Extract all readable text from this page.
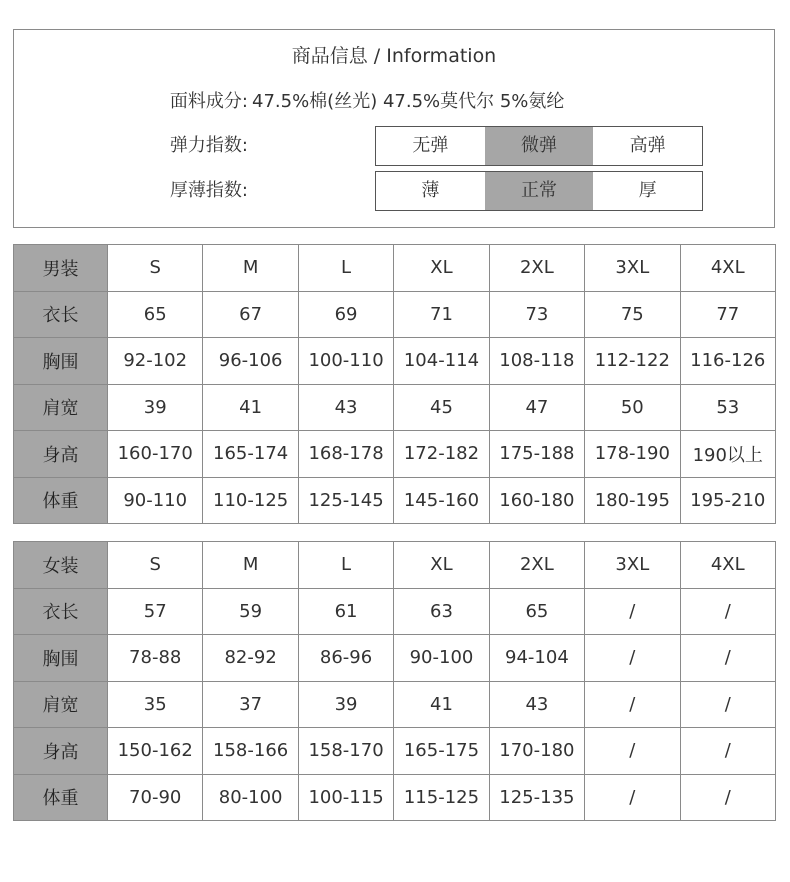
商品信息 / Information
面料成分: 47.5%棉(丝光) 47.5%莫代尔 5%氨纶
弹力指数:	无弹	微弹	高弹
厚薄指数:	薄	正常	厚
男装	S	M	L	XL	2XL	3XL	4XL
衣长	65	67	69	71	73	75	77
胸围	92-102	96-106	100-110	104-114	108-118	112-122	116-126
肩宽	39	41	43	45	47	50	53
身高	160-170	165-174	168-178	172-182	175-188	178-190	190以上
体重	90-110	110-125	125-145	145-160	160-180	180-195	195-210
女装	S	M	L	XL	2XL	3XL	4XL
衣长	57	59	61	63	65	/	/
胸围	78-88	82-92	86-96	90-100	94-104	/	/
肩宽	35	37	39	41	43	/	/
身高	150-162	158-166	158-170	165-175	170-180	/	/
体重	70-90	80-100	100-115	115-125	125-135	/	/
